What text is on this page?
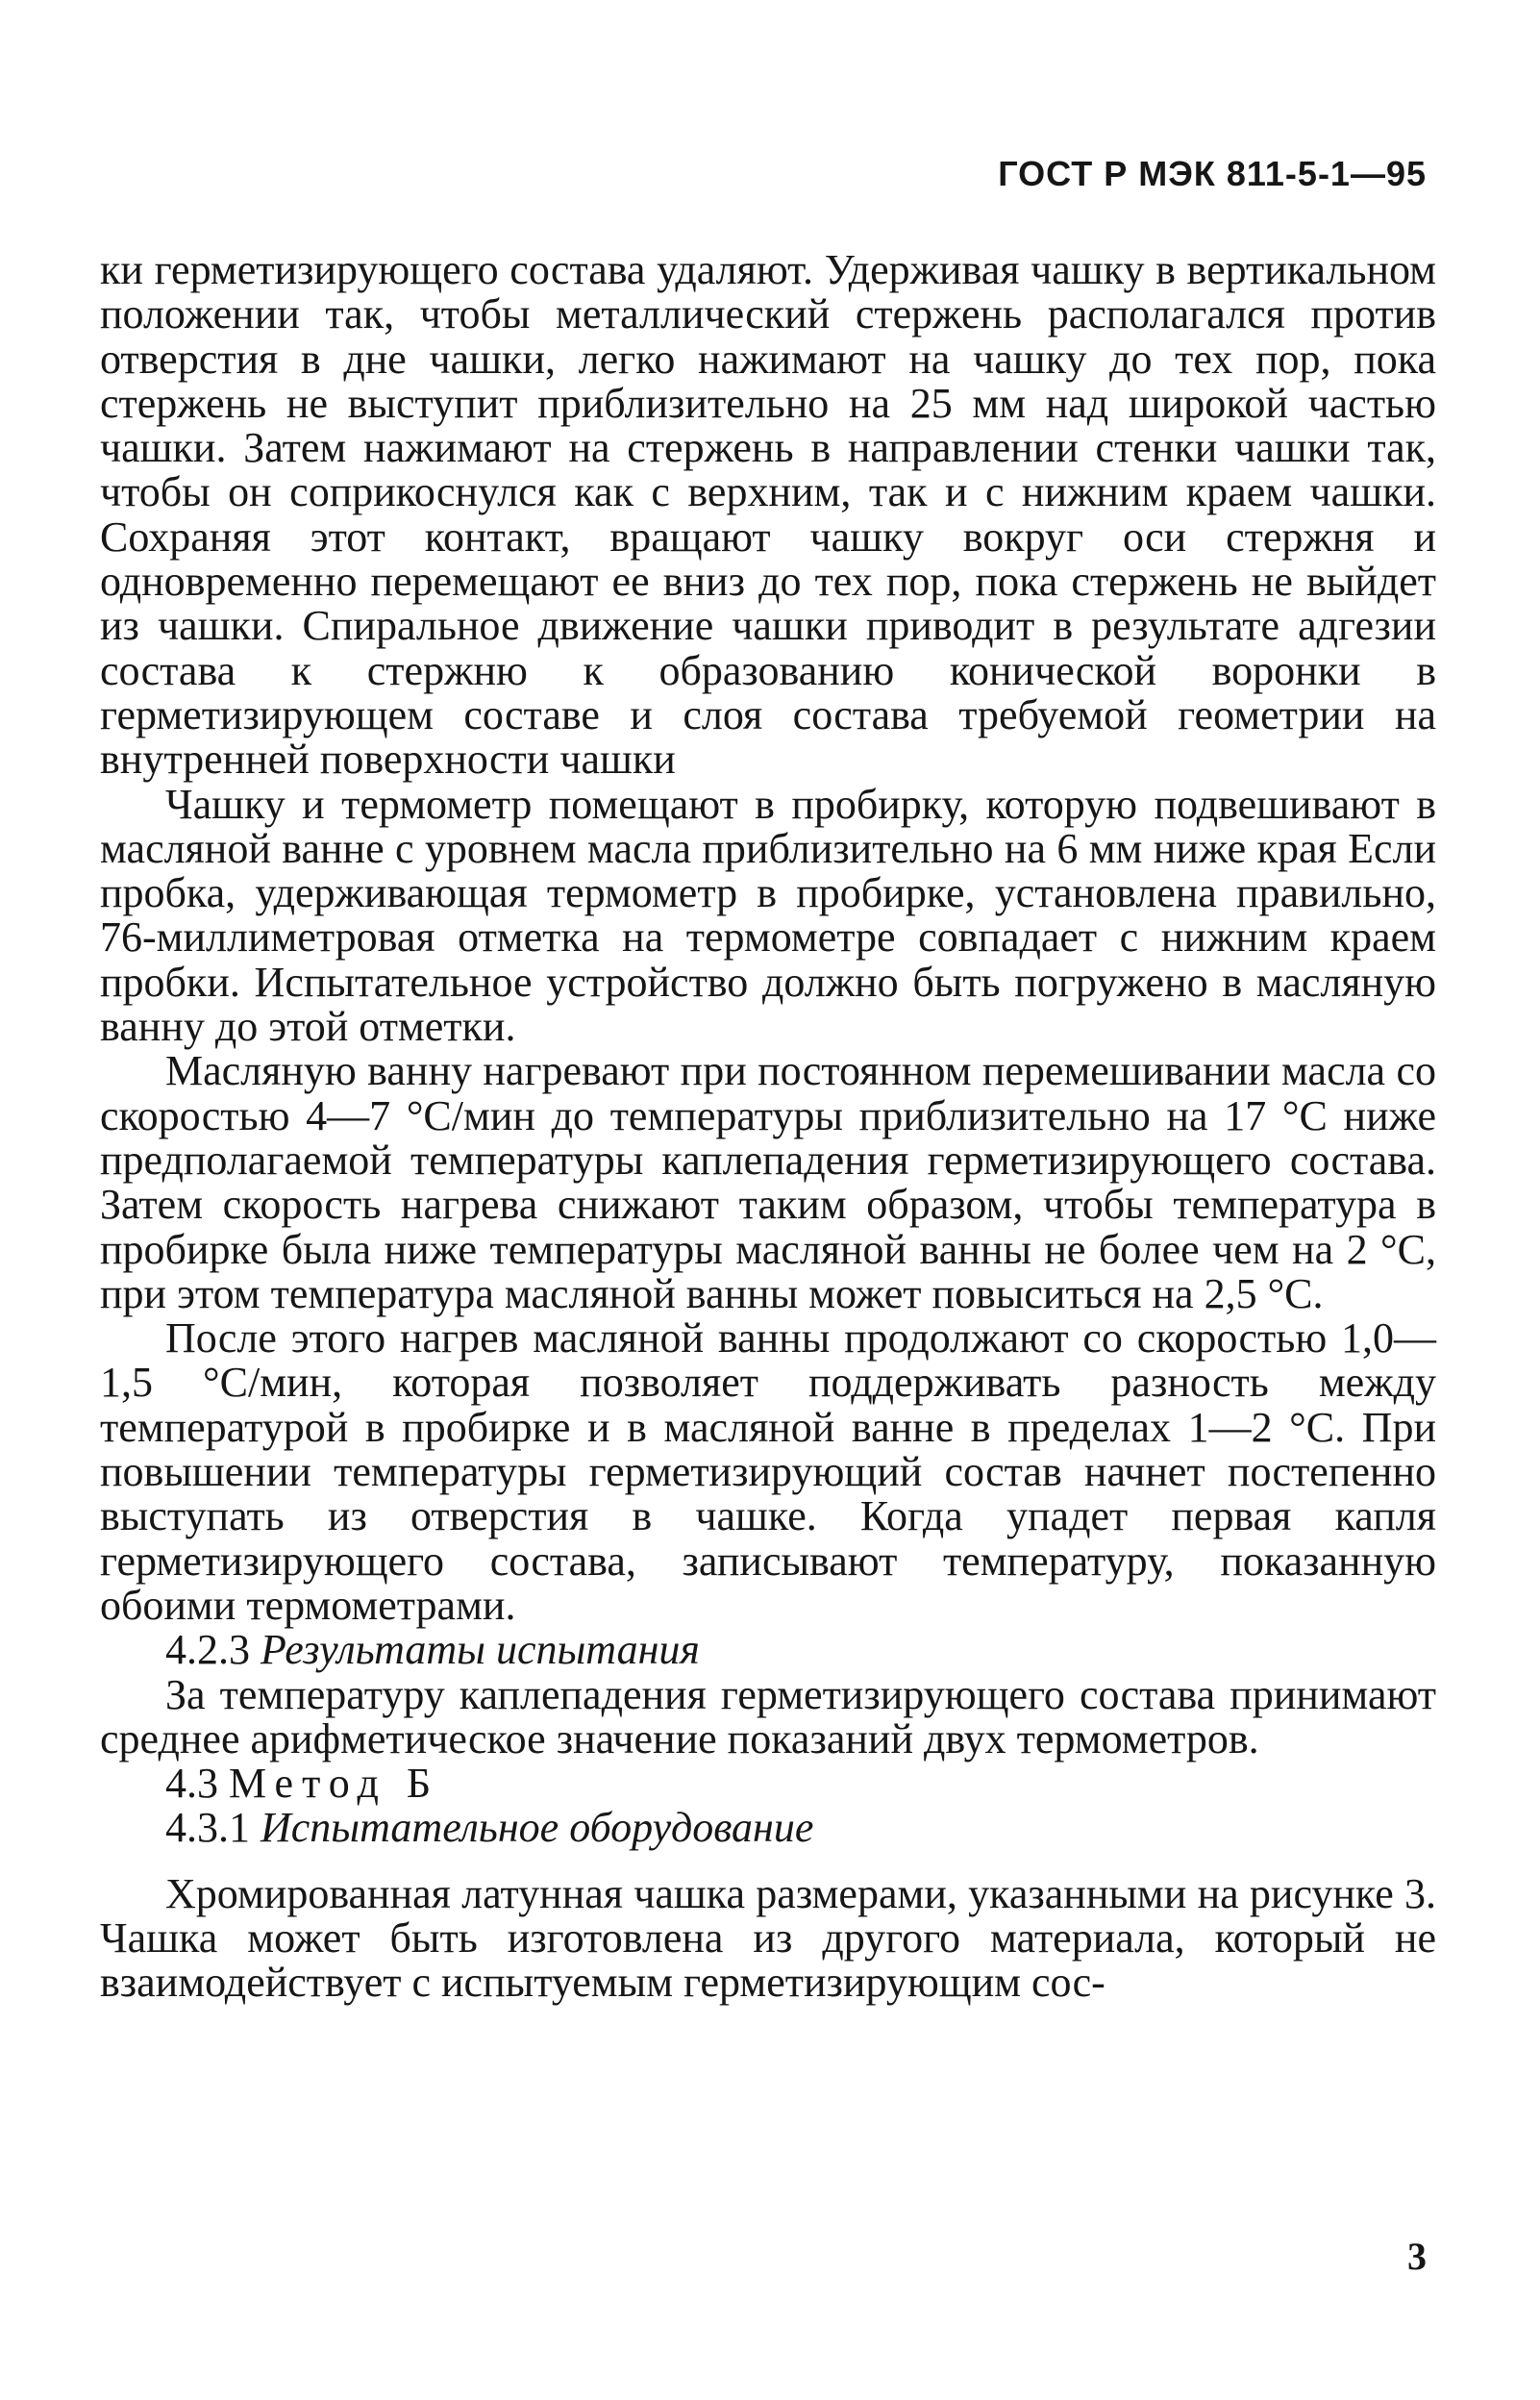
ГОСТ Р МЭК 811-5-1—95

ки герметизирующего состава удаляют. Удерживая чашку в вертикальном положении так, чтобы металлический стержень располагался против отверстия в дне чашки, легко нажимают на чашку до тех пор, пока стержень не выступит приблизительно на 25 мм над широкой частью чашки. Затем нажимают на стержень в направлении стенки чашки так, чтобы он соприкоснулся как с верхним, так и с нижним краем чашки. Сохраняя этот контакт, вращают чашку вокруг оси стержня и одновременно перемещают ее вниз до тех пор, пока стержень не выйдет из чашки. Спиральное движение чашки приводит в результате адгезии состава к стержню к образованию конической воронки в герметизирующем составе и слоя состава требуемой геометрии на внутренней поверхности чашки

Чашку и термометр помещают в пробирку, которую подвешивают в масляной ванне с уровнем масла приблизительно на 6 мм ниже края Если пробка, удерживающая термометр в пробирке, установлена правильно, 76-миллиметровая отметка на термометре совпадает с нижним краем пробки. Испытательное устройство должно быть погружено в масляную ванну до этой отметки.

Масляную ванну нагревают при постоянном перемешивании масла со скоростью 4—7 °С/мин до температуры приблизительно на 17 °С ниже предполагаемой температуры каплепадения герметизирующего состава. Затем скорость нагрева снижают таким образом, чтобы температура в пробирке была ниже температуры масляной ванны не более чем на 2 °С, при этом температура масляной ванны может повыситься на 2,5 °С.

После этого нагрев масляной ванны продолжают со скоростью 1,0—1,5 °С/мин, которая позволяет поддерживать разность между температурой в пробирке и в масляной ванне в пределах 1—2 °С. При повышении температуры герметизирующий состав начнет постепенно выступать из отверстия в чашке. Когда упадет первая капля герметизирующего состава, записывают температуру, показанную обоими термометрами.

4.2.3 Результаты испытания

За температуру каплепадения герметизирующего состава принимают среднее арифметическое значение показаний двух термометров.

4.3 Метод Б

4.3.1 Испытательное оборудование

Хромированная латунная чашка размерами, указанными на рисунке 3. Чашка может быть изготовлена из другого материала, который не взаимодействует с испытуемым герметизирующим сос-

3
